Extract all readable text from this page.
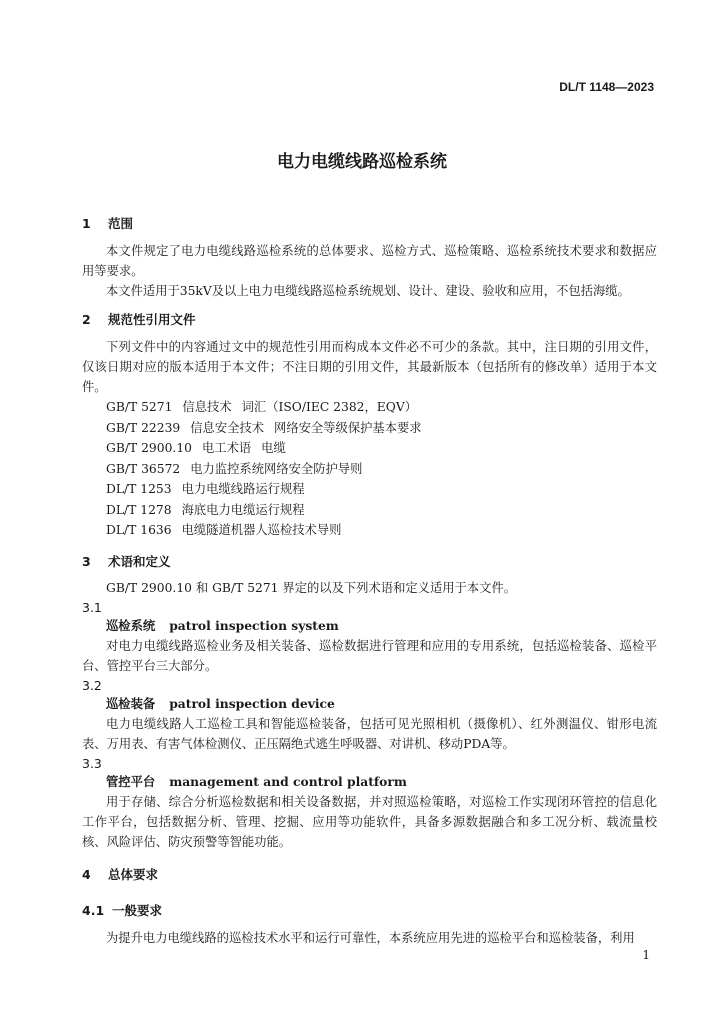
DL/T 1148—2023
电力电缆线路巡检系统
1 范围

本文件规定了电力电缆线路巡检系统的总体要求、巡检方式、巡检策略、巡检系统技术要求和数据应用等要求。

本文件适用于35kV及以上电力电缆线路巡检系统规划、设计、建设、验收和应用，不包括海缆。

2 规范性引用文件

下列文件中的内容通过文中的规范性引用而构成本文件必不可少的条款。其中，注日期的引用文件，仅该日期对应的版本适用于本文件；不注日期的引用文件，其最新版本（包括所有的修改单）适用于本文件。

GB/T 5271 信息技术 词汇（ISO/IEC 2382，EQV）
GB/T 22239 信息安全技术 网络安全等级保护基本要求
GB/T 2900.10 电工术语 电缆
GB/T 36572 电力监控系统网络安全防护导则
DL/T 1253 电力电缆线路运行规程
DL/T 1278 海底电力电缆运行规程
DL/T 1636 电缆隧道机器人巡检技术导则
3 术语和定义

GB/T 2900.10 和 GB/T 5271 界定的以及下列术语和定义适用于本文件。

3.1
巡检系统 patrol inspection system

对电力电缆线路巡检业务及相关装备、巡检数据进行管理和应用的专用系统，包括巡检装备、巡检平台、管控平台三大部分。

3.2
巡检装备 patrol inspection device

电力电缆线路人工巡检工具和智能巡检装备，包括可见光照相机（摄像机）、红外测温仪、钳形电流表、万用表、有害气体检测仪、正压隔绝式逃生呼吸器、对讲机、移动PDA等。

3.3
管控平台 management and control platform

用于存储、综合分析巡检数据和相关设备数据，并对照巡检策略，对巡检工作实现闭环管控的信息化工作平台，包括数据分析、管理、挖掘、应用等功能软件，具备多源数据融合和多工况分析、载流量校核、风险评估、防灾预警等智能功能。

4 总体要求
4.1 一般要求

为提升电力电缆线路的巡检技术水平和运行可靠性，本系统应用先进的巡检平台和巡检装备，利用

1
